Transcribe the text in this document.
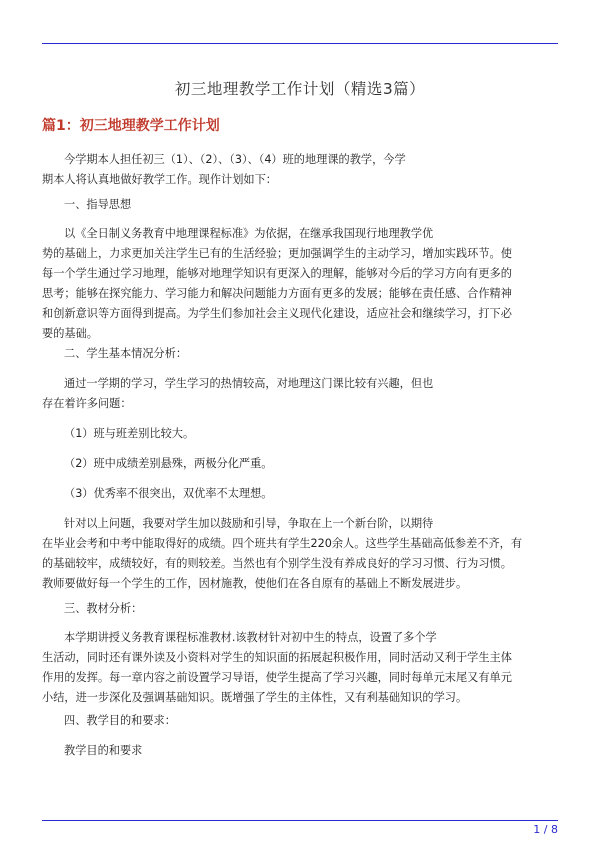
初三地理教学工作计划（精选3篇）
篇1：初三地理教学工作计划
今学期本人担任初三（1）、（2）、（3）、（4）班的地理课的教学，今学
期本人将认真地做好教学工作。现作计划如下：
一、指导思想
以《全日制义务教育中地理课程标准》为依据，在继承我国现行地理教学优
势的基础上，力求更加关注学生已有的生活经验；更加强调学生的主动学习，增加实践环节。使
每一个学生通过学习地理，能够对地理学知识有更深入的理解，能够对今后的学习方向有更多的
思考；能够在探究能力、学习能力和解决问题能力方面有更多的发展；能够在责任感、合作精神
和创新意识等方面得到提高。为学生们参加社会主义现代化建设，适应社会和继续学习，打下必
要的基础。
二、学生基本情况分析：
通过一学期的学习，学生学习的热情较高，对地理这门课比较有兴趣，但也
存在着许多问题：
（1）班与班差别比较大。
（2）班中成绩差别悬殊，两极分化严重。
（3）优秀率不很突出，双优率不太理想。
针对以上问题，我要对学生加以鼓励和引导，争取在上一个新台阶，以期待
在毕业会考和中考中能取得好的成绩。四个班共有学生220余人。这些学生基础高低参差不齐，有
的基础较牢，成绩较好，有的则较差。当然也有个别学生没有养成良好的学习习惯、行为习惯。
教师要做好每一个学生的工作，因材施教，使他们在各自原有的基础上不断发展进步。
三、教材分析：
本学期讲授义务教育课程标准教材.该教材针对初中生的特点，设置了多个学
生活动，同时还有课外读及小资料对学生的知识面的拓展起积极作用，同时活动又利于学生主体
作用的发挥。每一章内容之前设置学习导语，使学生提高了学习兴趣，同时每单元末尾又有单元
小结，进一步深化及强调基础知识。既增强了学生的主体性，又有利基础知识的学习。
四、教学目的和要求：
教学目的和要求
1 / 8
